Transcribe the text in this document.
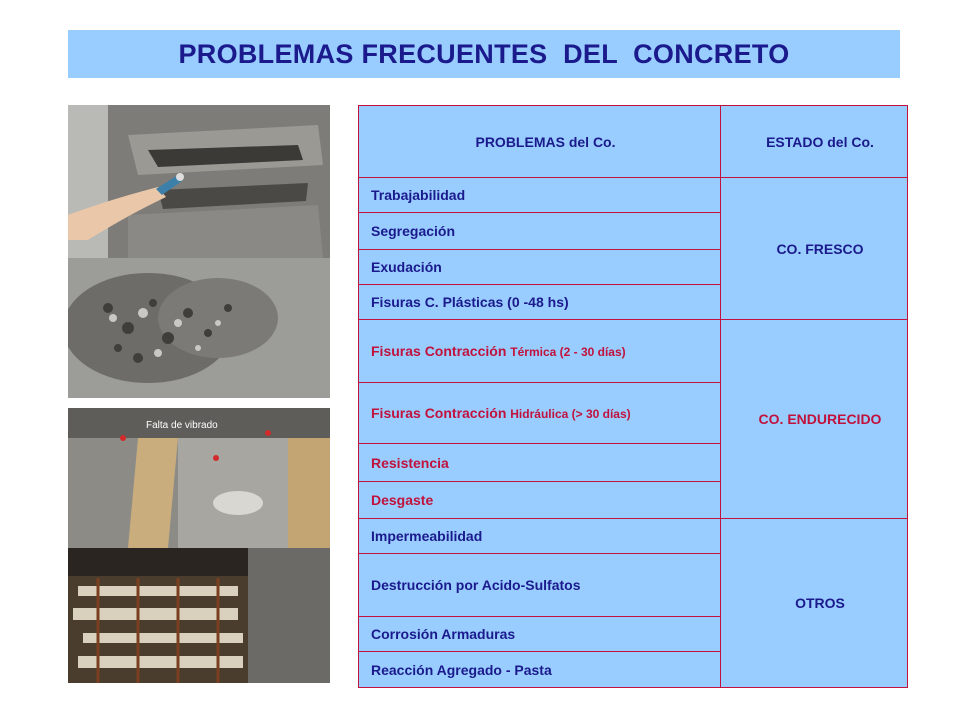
PROBLEMAS FRECUENTES  DEL  CONCRETO
Falta de vibrado
PROBLEMAS del Co.	ESTADO del Co.
Trabajabilidad	CO. FRESCO
Segregación	
Exudación	
Fisuras C. Plásticas (0 -48 hs)	
Fisuras Contracción Térmica (2 - 30 días)	CO. ENDURECIDO
Fisuras Contracción Hidráulica (> 30 días)	
Resistencia	
Desgaste	
Impermeabilidad	OTROS
Destrucción por Acido-Sulfatos	
Corrosión Armaduras	
Reacción Agregado - Pasta	
